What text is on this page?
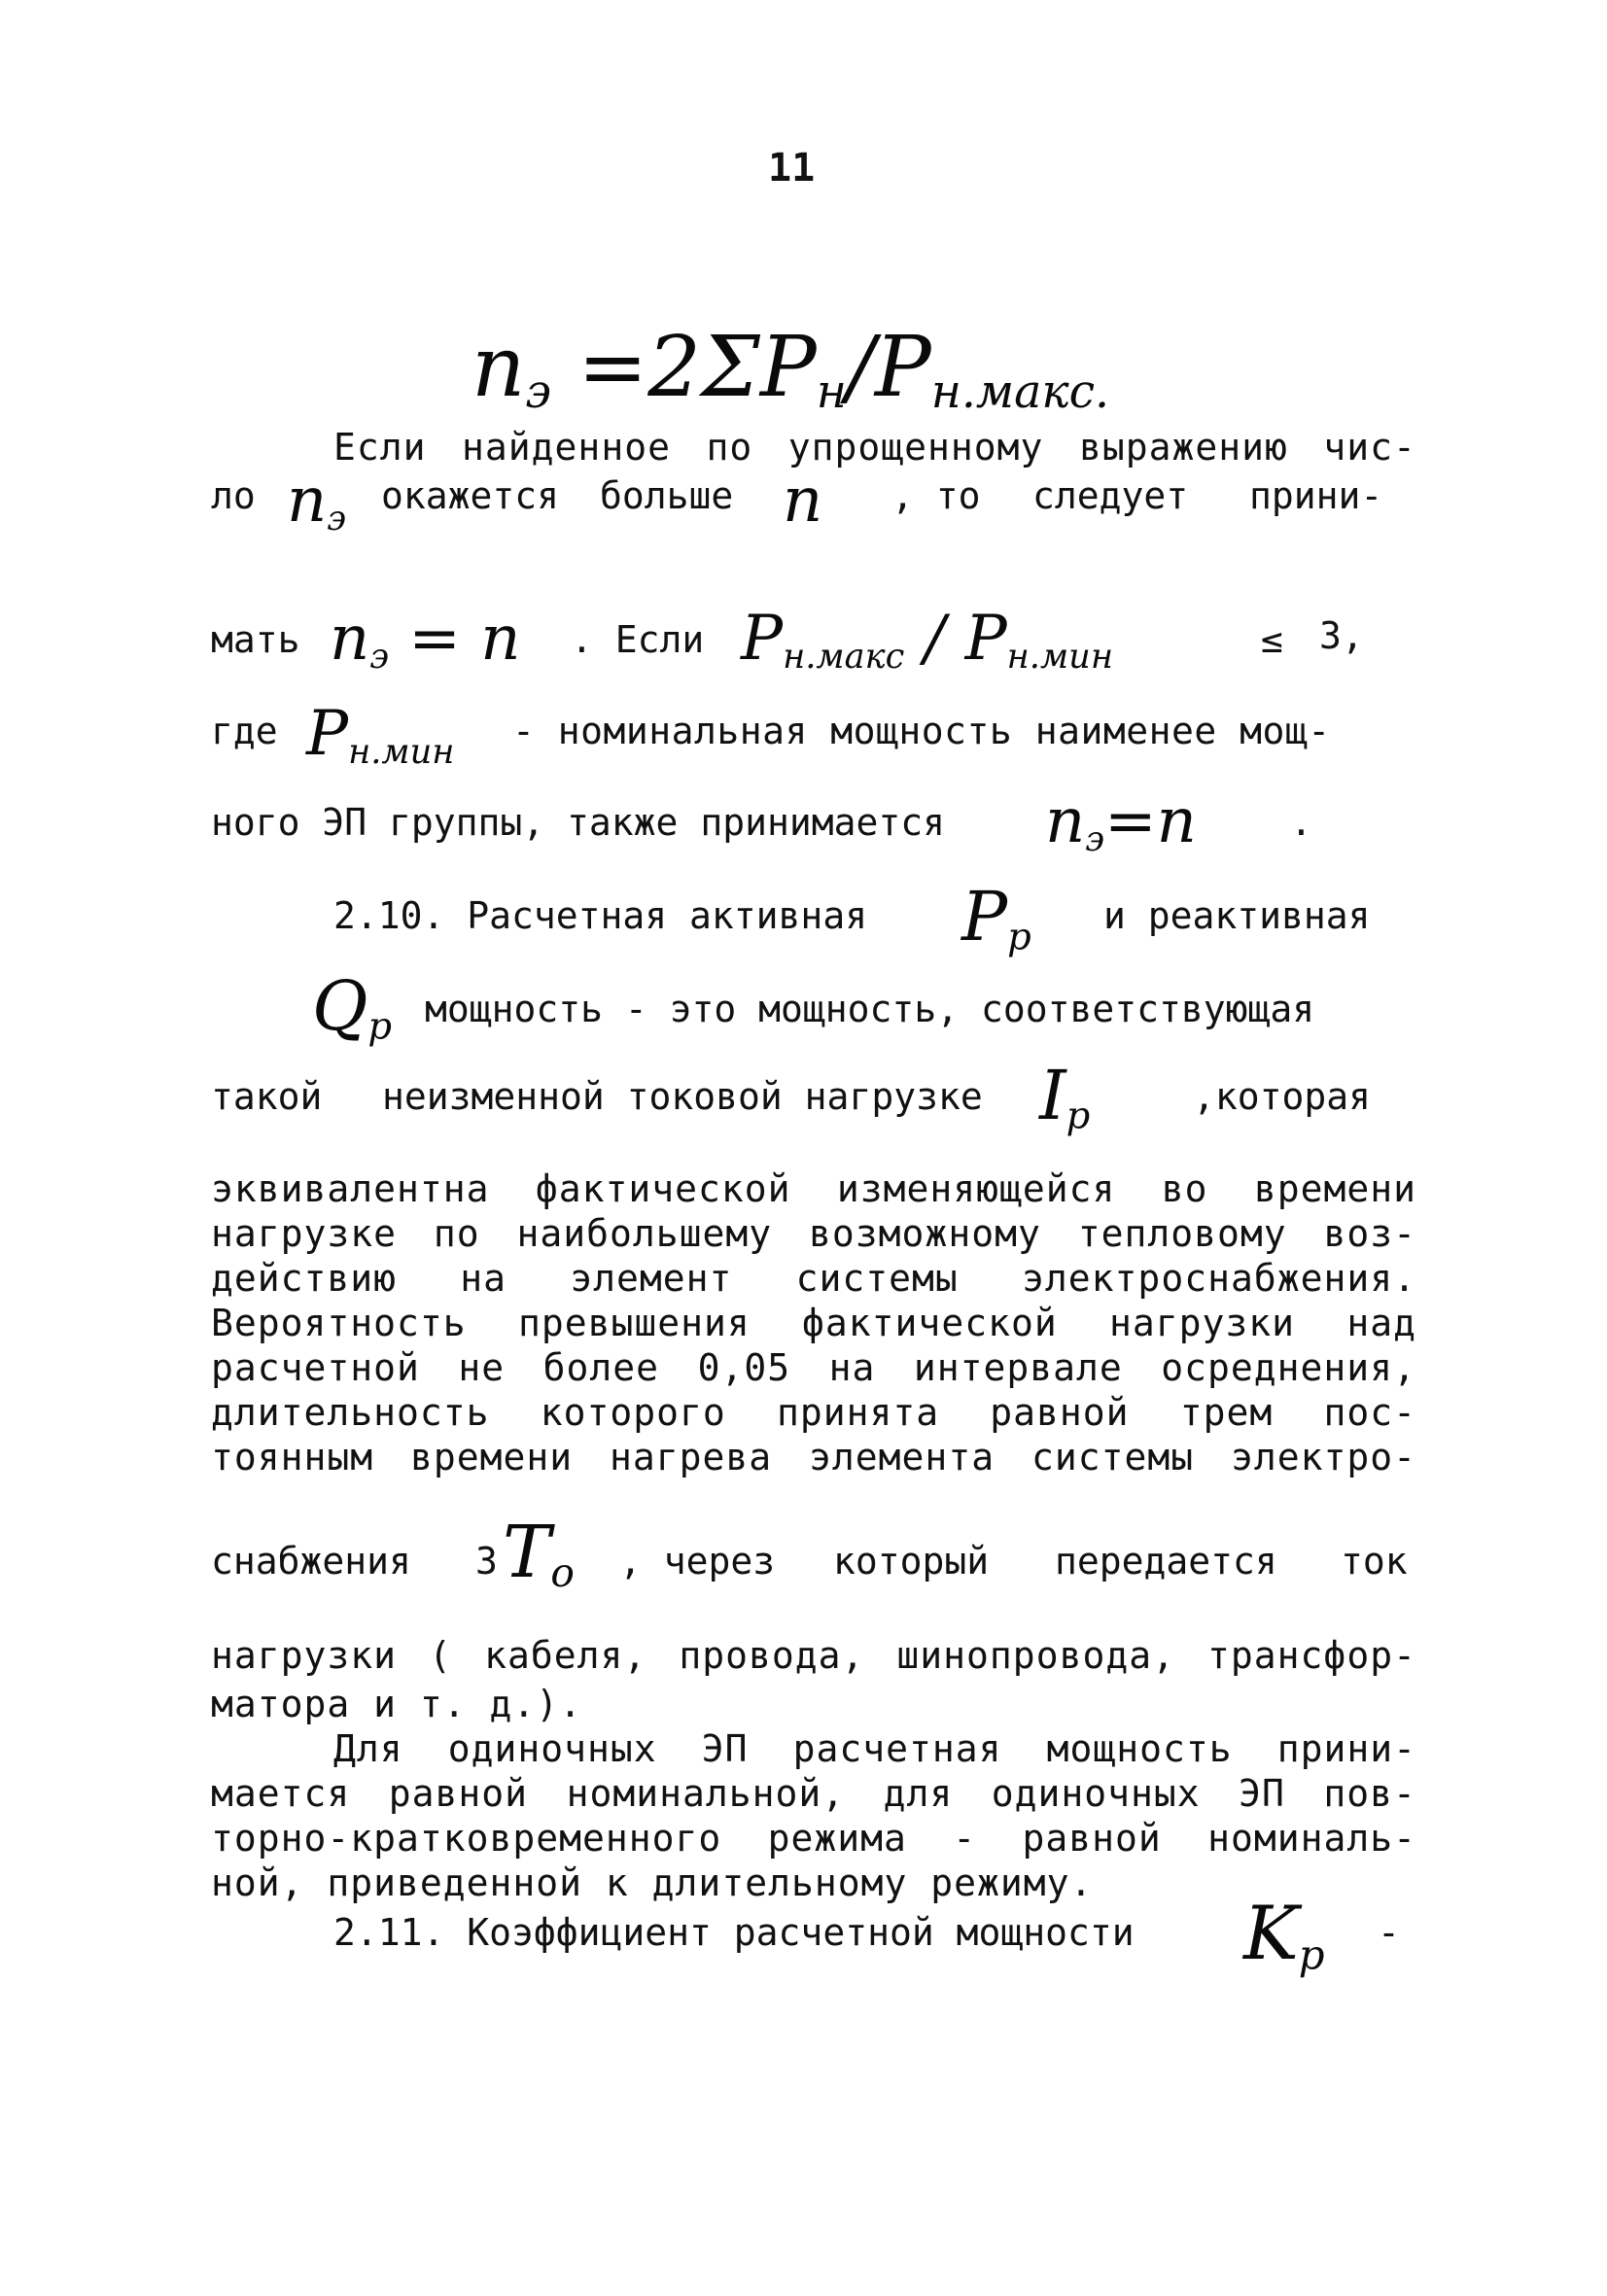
11
$n_э =2\Sigma P_н/P_{н.макс.}$
Если найденное по упрощенному выражению чис-
ло $n_э$
окажется больше n , то следует прини-
мать $n_э = n$ . Если $P_{н.макс} / P_{н.мин}$	≤ 3,
где $P_{н.мин}$ - номинальная мощность наименее мощ-
ного ЭП группы, также принимается $n_э=n$	.
2.10. Расчетная активная $P_р$ и реактивная
$Q_р$ мощность - это мощность, соответствующая
такой неизменной токовой нагрузке $I_р$	,которая
эквивалентна фактической изменяющейся во времени
нагрузке по наибольшему возможному тепловому воз-
действию на элемент системы электроснабжения.
Вероятность превышения фактической нагрузки над
расчетной не более 0,05 на интервале осреднения,
длительность которого принята равной трем пос-
тоянным времени нагрева элемента системы электро-
снабжения 3 $T_о$ , через который передается ток
нагрузки ( кабеля, провода, шинопровода, трансфор-
матора и т. д.).
Для одиночных ЭП расчетная мощность прини-
мается равной номинальной, для одиночных ЭП пов-
торно-кратковременного режима - равной номиналь-
ной, приведенной к длительному режиму.
2.11. Коэффициент расчетной мощности $K_р$ -
